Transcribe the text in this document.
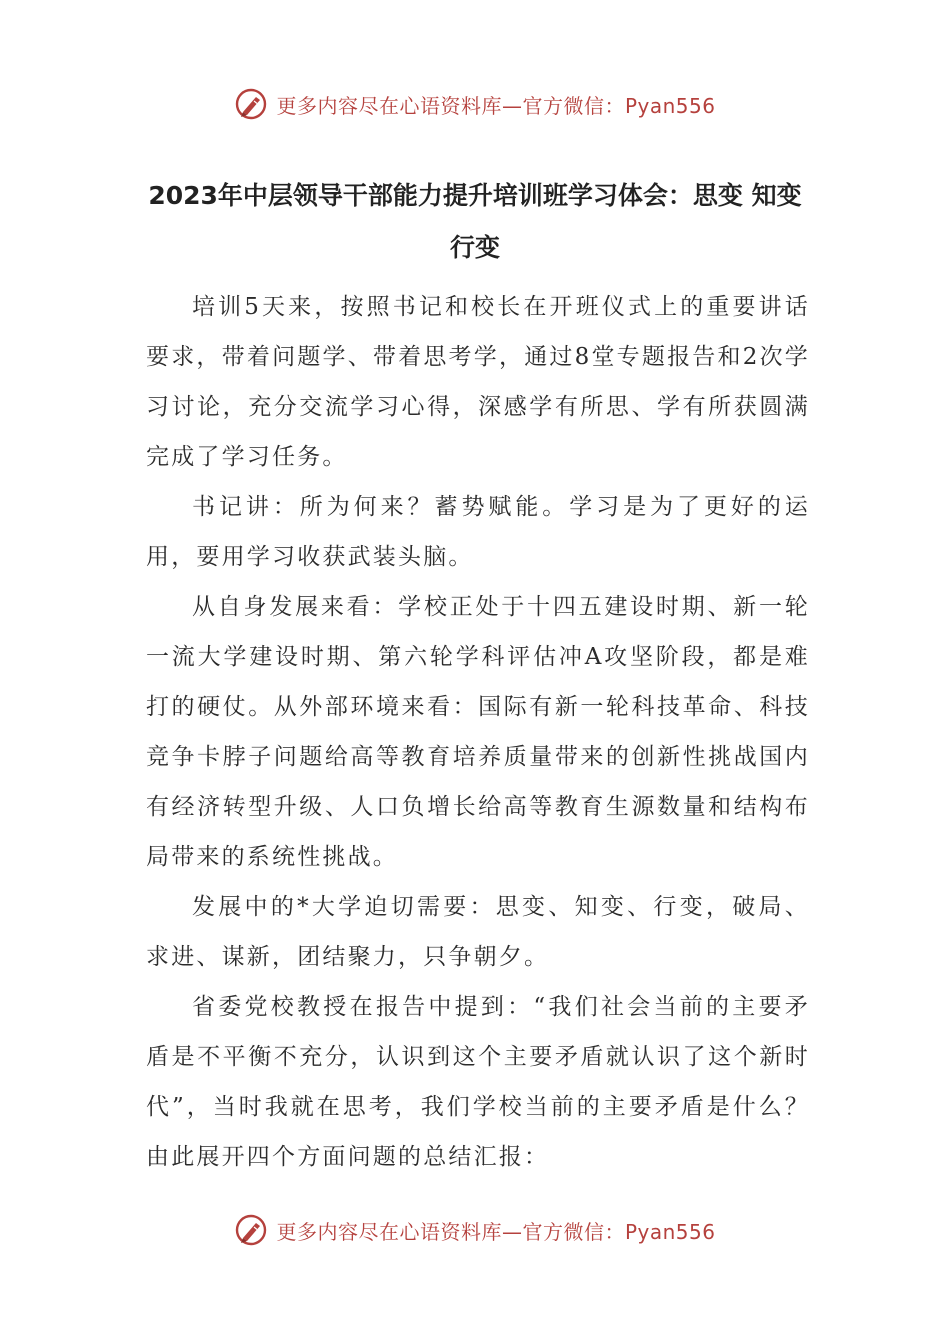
更多内容尽在心语资料库—官方微信：Pyan556
2023年中层领导干部能力提升培训班学习体会：思变 知变 行变

培训5天来，按照书记和校长在开班仪式上的重要讲话要求，带着问题学、带着思考学，通过8堂专题报告和2次学习讨论，充分交流学习心得，深感学有所思、学有所获圆满完成了学习任务。

书记讲：所为何来？蓄势赋能。学习是为了更好的运用，要用学习收获武装头脑。

从自身发展来看：学校正处于十四五建设时期、新一轮一流大学建设时期、第六轮学科评估冲A攻坚阶段，都是难打的硬仗。从外部环境来看：国际有新一轮科技革命、科技竞争卡脖子问题给高等教育培养质量带来的创新性挑战国内有经济转型升级、人口负增长给高等教育生源数量和结构布局带来的系统性挑战。

发展中的*大学迫切需要：思变、知变、行变，破局、求进、谋新，团结聚力，只争朝夕。

省委党校教授在报告中提到：“我们社会当前的主要矛盾是不平衡不充分，认识到这个主要矛盾就认识了这个新时代”，当时我就在思考，我们学校当前的主要矛盾是什么？由此展开四个方面问题的总结汇报：

更多内容尽在心语资料库—官方微信：Pyan556
